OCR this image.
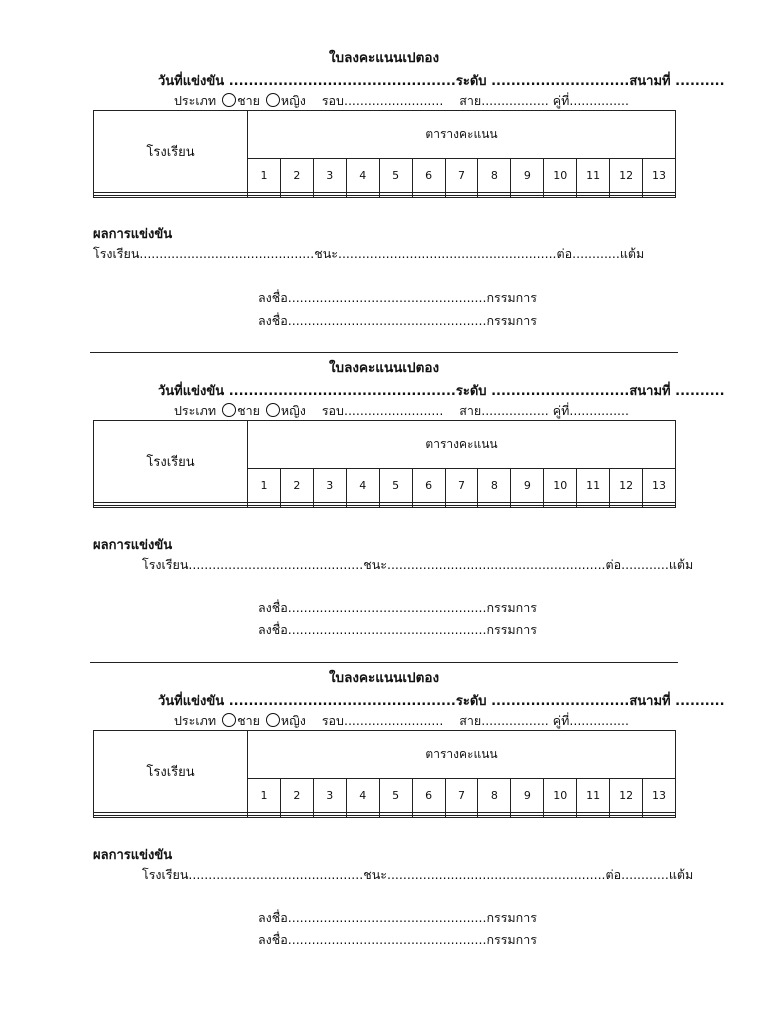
ใบลงคะแนนเปตอง
วันที่แข่งขัน ..............................................ระดับ ............................สนามที่ ..........
ประเภท ชาย หญิง รอบ......................... สาย................. คู่ที่...............
โรงเรียน	ตารางคะแนน												
	1	2	3	4	5	6	7	8	9	10	11	12	13

ผลการแข่งขัน
โรงเรียน............................................ชนะ.......................................................ต่อ............แต้ม
ลงชื่อ..................................................กรรมการ
ลงชื่อ..................................................กรรมการ
ใบลงคะแนนเปตอง
วันที่แข่งขัน ..............................................ระดับ ............................สนามที่ ..........
ประเภท ชาย หญิง รอบ......................... สาย................. คู่ที่...............
โรงเรียน	ตารางคะแนน												
	1	2	3	4	5	6	7	8	9	10	11	12	13

ผลการแข่งขัน
โรงเรียน............................................ชนะ.......................................................ต่อ............แต้ม
ลงชื่อ..................................................กรรมการ
ลงชื่อ..................................................กรรมการ
ใบลงคะแนนเปตอง
วันที่แข่งขัน ..............................................ระดับ ............................สนามที่ ..........
ประเภท ชาย หญิง รอบ......................... สาย................. คู่ที่...............
โรงเรียน	ตารางคะแนน												
	1	2	3	4	5	6	7	8	9	10	11	12	13

ผลการแข่งขัน
โรงเรียน............................................ชนะ.......................................................ต่อ............แต้ม
ลงชื่อ..................................................กรรมการ
ลงชื่อ..................................................กรรมการ
